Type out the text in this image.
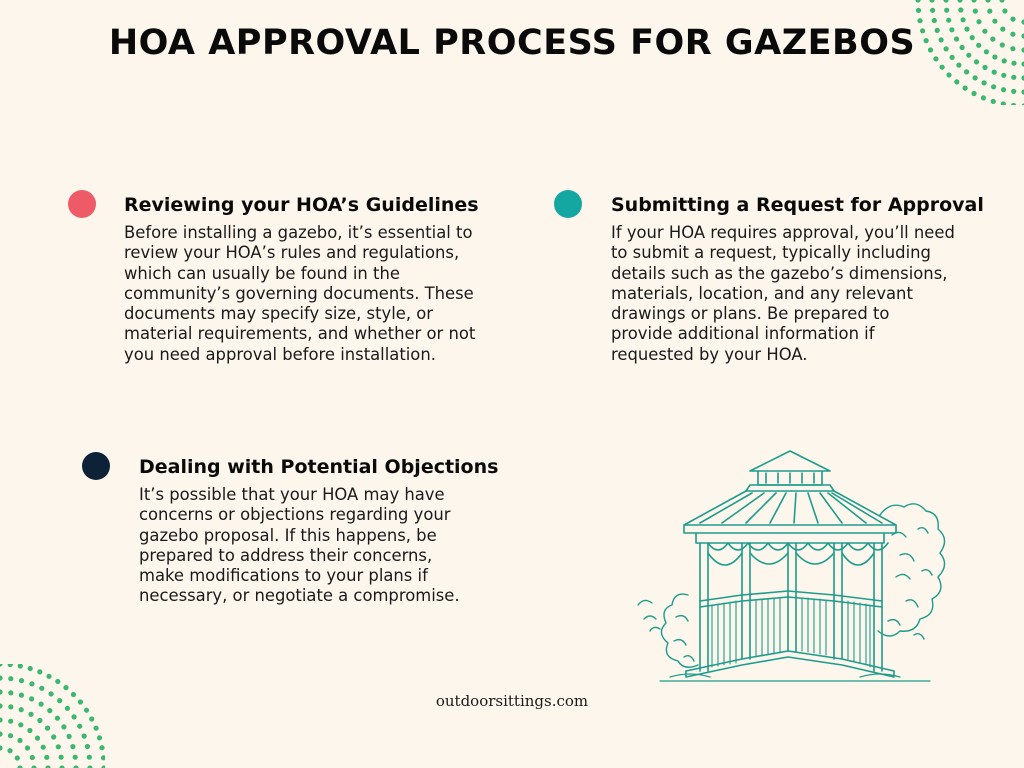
HOA APPROVAL PROCESS FOR GAZEBOS
Reviewing your HOA’s Guidelines
Before installing a gazebo, it’s essential to review your HOA’s rules and regulations, which can usually be found in the community’s governing documents. These documents may specify size, style, or material requirements, and whether or not you need approval before installation.
Submitting a Request for Approval
If your HOA requires approval, you’ll need to submit a request, typically including details such as the gazebo’s dimensions, materials, location, and any relevant drawings or plans. Be prepared to provide additional information if requested by your HOA.
Dealing with Potential Objections
It’s possible that your HOA may have concerns or objections regarding your gazebo proposal. If this happens, be prepared to address their concerns, make modifications to your plans if necessary, or negotiate a compromise.
outdoorsittings.com
